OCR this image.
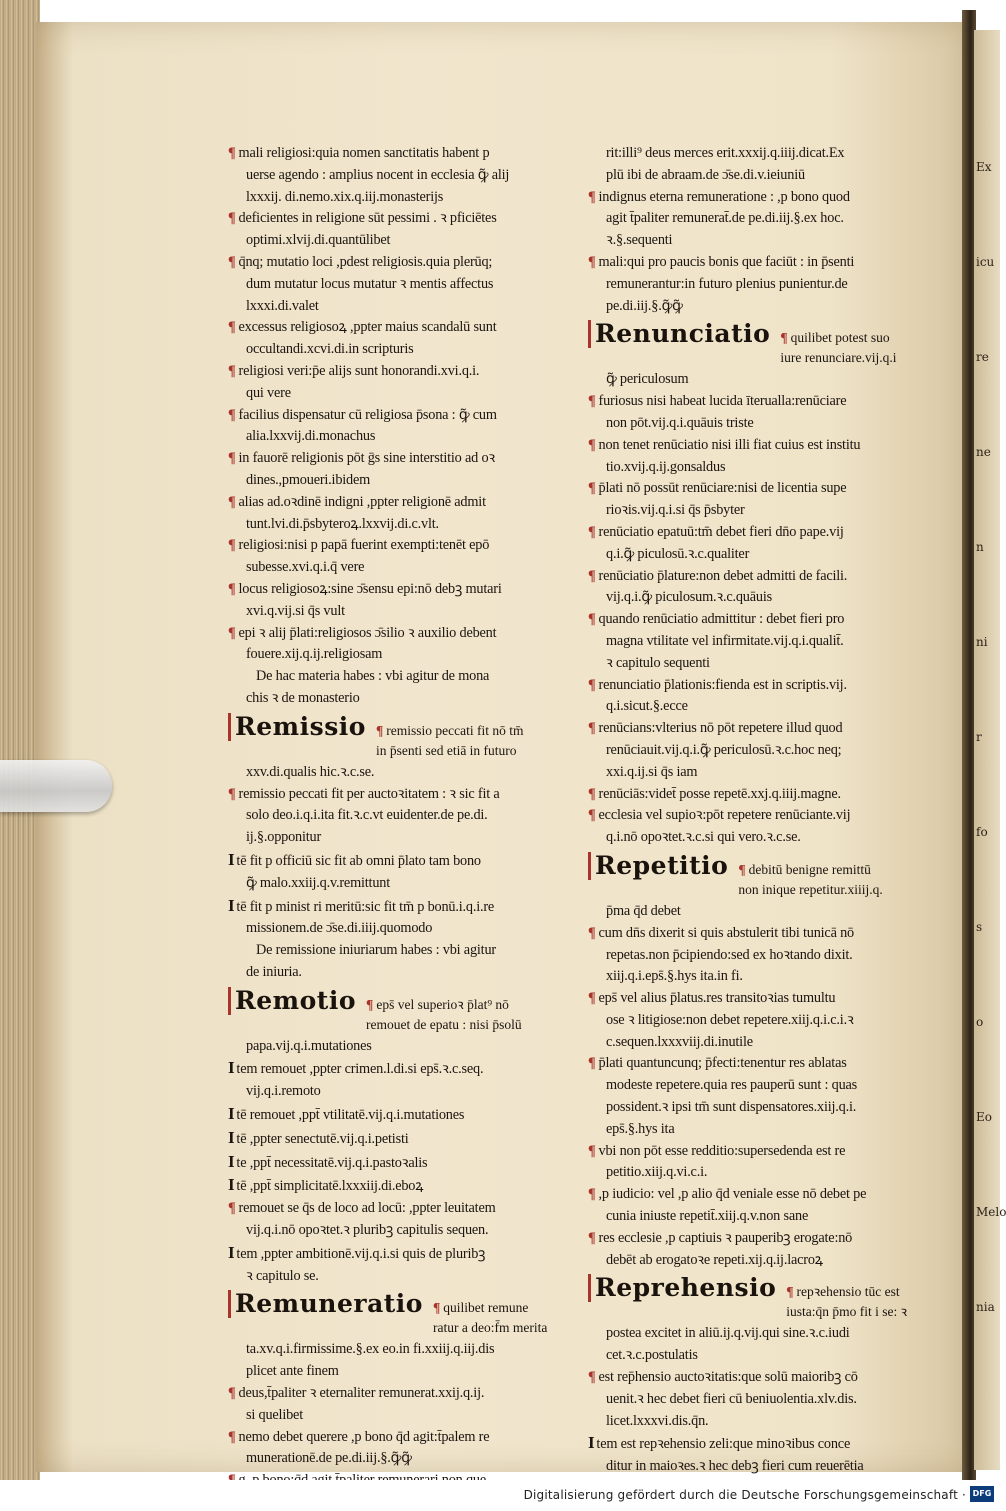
Ex
icu
re
ne
n
ni
r
fo
s
o
Eo
Melo
nia
¶ mali religiosi:quia nomen sanctitatis habent p
uerse agendo : amplius nocent in ecclesia ꝙ̃ alij
lxxxij. di.nemo.xix.q.iij.monasterijs
¶ deficientes in religione sūt pessimi . ꝛ pficiētes
optimi.xlvij.di.quantūlibet
¶ q̄nq; mutatio loci ,pdest religiosis.quia plerūq;
dum mutatur locus mutatur ꝛ mentis affectus
lxxxi.di.valet
¶ excessus religiosoꝝ ,ppter maius scandalū sunt
occultandi.xcvi.di.in scripturis
¶ religiosi veri:p̄e alijs sunt honorandi.xvi.q.i.
qui vere
¶ facilius dispensatur cū religiosa p̄sona : ꝙ̃ cum
alia.lxxvij.di.monachus
¶ in fauorē religionis pōt ḡs sine interstitio ad oꝛ
dines.,pmoueri.ibidem
¶ alias ad.oꝛdinē indigni ,ppter religionē admit
tunt.lvi.di.p̄sbyteroꝝ.lxxvij.di.c.vlt.
¶ religiosi:nisi p papā fuerint exempti:tenēt epō
subesse.xvi.q.i.q̄ vere
¶ locus religiosoꝝ:sine ɔ̄sensu epi:nō debꝫ mutari
xvi.q.vij.si q̄s vult
¶ epi ꝛ alij p̄lati:religiosos ɔ̄silio ꝛ auxilio debent
fouere.xij.q.ij.religiosam
De hac materia habes : vbi agitur de mona
chis ꝛ de monasterio
Remissio ¶ remissio peccati fit nō tm̄
in p̄senti sed etiā in futuro
xxv.di.qualis hic.ꝛ.c.se.
¶ remissio peccati fit per auctoꝛitatem : ꝛ sic fit a
solo deo.i.q.i.ita fit.ꝛ.c.vt euidenter.de pe.di.
ij.§.opponitur
I tē fit p officiū sic fit ab omni p̄lato tam bono
ꝙ̃ malo.xxiij.q.v.remittunt
I tē fit p minist ri meritū:sic fit tm̄ p bonū.i.q.i.re
missionem.de ɔ̄se.di.iiij.quomodo
De remissione iniuriarum habes : vbi agitur
de iniuria.
Remotio ¶ eps̄ vel superioꝛ p̄lat⁹ nō
remouet de epatu : nisi p̄solū
papa.vij.q.i.mutationes
I tem remouet ,ppter crimen.l.di.si eps̄.ꝛ.c.seq.
vij.q.i.remoto
I tē remouet ,ppt̄ vtilitatē.vij.q.i.mutationes
I tē ,ppter senectutē.vij.q.i.petisti
I te ,ppt̄ necessitatē.vij.q.i.pastoꝛalis
I tē ,ppt̄ simplicitatē.lxxxiij.di.eboꝝ
¶ remouet se q̄s de loco ad locū: ,ppter leuitatem
vij.q.i.nō opoꝛtet.ꝛ pluribꝫ capitulis sequen.
I tem ,ppter ambitionē.vij.q.i.si quis de pluribꝫ
ꝛ capitulo se.
Remuneratio ¶ quilibet remune
ratur a deo:f̄m merita
ta.xv.q.i.firmissime.§.ex eo.in fi.xxiij.q.iij.dis
plicet ante finem
¶ deus,t̄paliter ꝛ eternaliter remunerat.xxij.q.ij.
si quelibet
¶ nemo debet querere ,p bono q̄d agit:t̄palem re
munerationē.de pe.di.iij.§.ꝙ̃ꝙ̃
rit:illi⁹ deus merces erit.xxxij.q.iiij.dicat.Ex
plū ibi de abraam.de ɔ̄se.di.v.ieiuniū
¶ indignus eterna remuneratione : ,p bono quod
agit t̄paliter remunerat̄.de pe.di.iij.§.ex hoc.
ꝛ.§.sequenti
¶ mali:qui pro paucis bonis que faciūt : in p̄senti
remunerantur:in futuro plenius punientur.de
pe.di.iij.§.ꝙ̃ꝙ̃
Renunciatio ¶ quilibet potest suo
iure renunciare.vij.q.i
ꝙ̃ periculosum
¶ furiosus nisi habeat lucida īterualla:renūciare
non pōt.vij.q.i.quāuis triste
¶ non tenet renūciatio nisi illi fiat cuius est institu
tio.xvij.q.ij.gonsaldus
¶ p̄lati nō possūt renūciare:nisi de licentia supe
rioꝛis.vij.q.i.si q̄s p̄sbyter
¶ renūciatio epatuū:tm̄ debet fieri dn̄o pape.vij
q.i.ꝙ̃ piculosū.ꝛ.c.qualiter
¶ renūciatio p̄lature:non debet admitti de facili.
vij.q.i.ꝙ̃ piculosum.ꝛ.c.quāuis
¶ quando renūciatio admittitur : debet fieri pro
magna vtilitate vel infirmitate.vij.q.i.qualit̄.
ꝛ capitulo sequenti
¶ renunciatio p̄lationis:fienda est in scriptis.vij.
q.i.sicut.§.ecce
¶ renūcians:vlterius nō pōt repetere illud quod
renūciauit.vij.q.i.ꝙ̃ periculosū.ꝛ.c.hoc neq;
xxi.q.ij.si q̄s iam
¶ renūciās:videt̄ posse repetē.xxj.q.iiij.magne.
¶ ecclesia vel supioꝛ:pōt repetere renūciante.vij
q.i.nō opoꝛtet.ꝛ.c.si qui vero.ꝛ.c.se.
Repetitio ¶ debitū benigne remittū
non inique repetitur.xiiij.q.
p̄ma q̄d debet
¶ cum dn̄s dixerit si quis abstulerit tibi tunicā nō
repetas.non p̄cipiendo:sed ex hoꝛtando dixit.
xiij.q.i.eps̄.§.hys ita.in fi.
¶ eps̄ vel alius p̄latus.res transitoꝛias tumultu
ose ꝛ litigiose:non debet repetere.xiij.q.i.c.i.ꝛ
c.sequen.lxxxviij.di.inutile
¶ p̄lati quantuncunq; p̄fecti:tenentur res ablatas
modeste repetere.quia res pauperū sunt : quas
possident.ꝛ ipsi tm̄ sunt dispensatores.xiij.q.i.
eps̄.§.hys ita
¶ vbi non pōt esse redditio:supersedenda est re
petitio.xiij.q.vi.c.i.
¶ ,p iudicio: vel ,p alio q̄d veniale esse nō debet pe
cunia iniuste repetit̄.xiij.q.v.non sane
¶ res ecclesie ,p captiuis ꝛ pauperibꝫ erogate:nō
debēt ab erogatoꝛe repeti.xij.q.ij.lacroꝝ
Reprehensio ¶ repꝛehensio tūc est
iusta:q̄n p̄mo fit i se: ꝛ
postea excitet in aliū.ij.q.vij.qui sine.ꝛ.c.iudi
cet.ꝛ.c.postulatis
¶ est rep̄hensio auctoꝛitatis:que solū maioribꝫ cō
uenit.ꝛ hec debet fieri cū beniuolentia.xlv.dis.
licet.lxxxvi.dis.q̄n.
I tem est repꝛehensio zeli:que minoꝛibus conce
ditur in maioꝛes.ꝛ hec debꝫ fieri cum reuerētia
Digitalisierung gefördert durch die Deutsche Forschungsgemeinschaft · DFG
